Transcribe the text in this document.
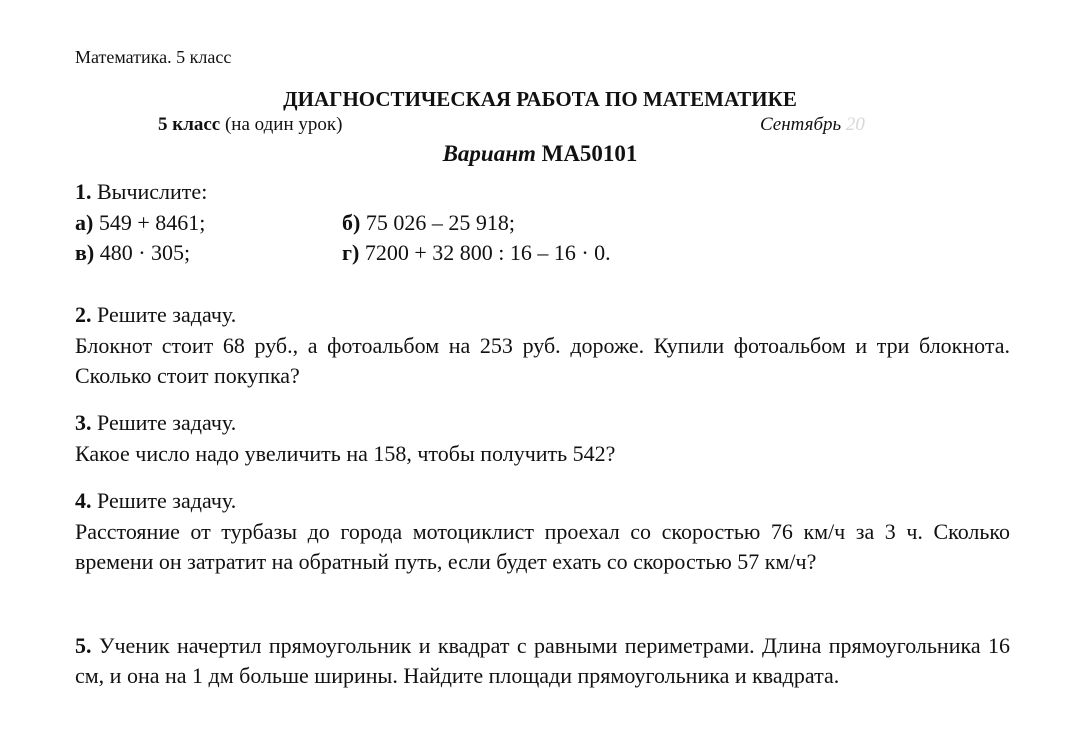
Математика. 5 класс
ДИАГНОСТИЧЕСКАЯ РАБОТА ПО МАТЕМАТИКЕ
5 класс (на один урок)	Сентябрь 20
Вариант МА50101
1. Вычислите:
а) 549 + 8461;	б) 75 026 – 25 918;
в) 480 · 305;	г) 7200 + 32 800 : 16 – 16 · 0.
2. Решите задачу.
Блокнот стоит 68 руб., а фотоальбом на 253 руб. дороже. Купили фотоальбом и три блокнота. Сколько стоит покупка?
3. Решите задачу.
Какое число надо увеличить на 158, чтобы получить 542?
4. Решите задачу.
Расстояние от турбазы до города мотоциклист проехал со скоростью 76 км/ч за 3 ч. Сколько времени он затратит на обратный путь, если будет ехать со скоростью 57 км/ч?
5. Ученик начертил прямоугольник и квадрат с равными периметрами. Длина прямоугольника 16 см, и она на 1 дм больше ширины. Найдите площади прямоугольника и квадрата.
